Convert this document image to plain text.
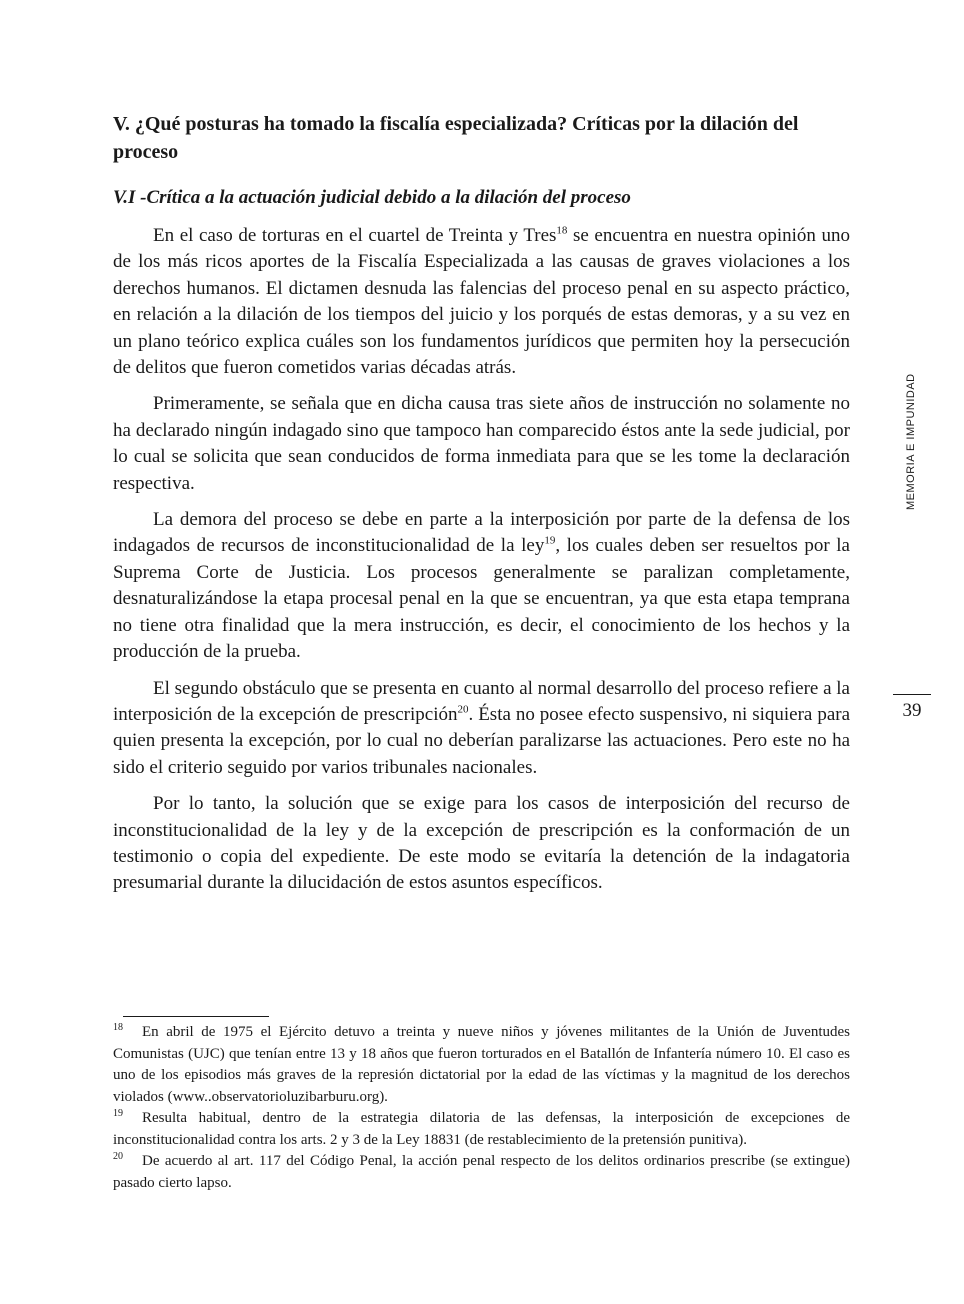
V. ¿Qué posturas ha tomado la fiscalía especializada? Críticas por la dilación del proceso
V.I -Crítica a la actuación judicial debido a la dilación del proceso

En el caso de torturas en el cuartel de Treinta y Tres$^{18}$ se encuentra en nuestra opinión uno de los más ricos aportes de la Fiscalía Especializada a las causas de graves violaciones a los derechos humanos. El dictamen desnuda las falencias del proceso penal en su aspecto práctico, en relación a la dilación de los tiempos del juicio y los porqués de estas demoras, y a su vez en un plano teórico explica cuáles son los fundamentos jurídicos que permiten hoy la persecución de delitos que fueron cometidos varias décadas atrás.

Primeramente, se señala que en dicha causa tras siete años de instrucción no solamente no ha declarado ningún indagado sino que tampoco han comparecido éstos ante la sede judicial, por lo cual se solicita que sean conducidos de forma inmediata para que se les tome la declaración respectiva.

La demora del proceso se debe en parte a la interposición por parte de la defensa de los indagados de recursos de inconstitucionalidad de la ley$^{19}$, los cuales deben ser resueltos por la Suprema Corte de Justicia. Los procesos generalmente se paralizan completamente, desnaturalizándose la etapa procesal penal en la que se encuentran, ya que esta etapa temprana no tiene otra finalidad que la mera instrucción, es decir, el conocimiento de los hechos y la producción de la prueba.

El segundo obstáculo que se presenta en cuanto al normal desarrollo del proceso refiere a la interposición de la excepción de prescripción$^{20}$. Ésta no posee efecto suspensivo, ni siquiera para quien presenta la excepción, por lo cual no deberían paralizarse las actuaciones. Pero este no ha sido el criterio seguido por varios tribunales nacionales.

Por lo tanto, la solución que se exige para los casos de interposición del recurso de inconstitucionalidad de la ley y de la excepción de prescripción es la conformación de un testimonio o copia del expediente. De este modo se evitaría la detención de la indagatoria presumarial durante la dilucidación de estos asuntos específicos.

MEMORIA E IMPUNIDAD
39

18 En abril de 1975 el Ejército detuvo a treinta y nueve niños y jóvenes militantes de la Unión de Juventudes Comunistas (UJC) que tenían entre 13 y 18 años que fueron torturados en el Batallón de Infantería número 10. El caso es uno de los episodios más graves de la represión dictatorial por la edad de las víctimas y la magnitud de los derechos violados (www..observatorioluzibarburu.org).

19 Resulta habitual, dentro de la estrategia dilatoria de las defensas, la interposición de excepciones de inconstitucionalidad contra los arts. 2 y 3 de la Ley 18831 (de restablecimiento de la pretensión punitiva).

20 De acuerdo al art. 117 del Código Penal, la acción penal respecto de los delitos ordinarios prescribe (se extingue) pasado cierto lapso.
